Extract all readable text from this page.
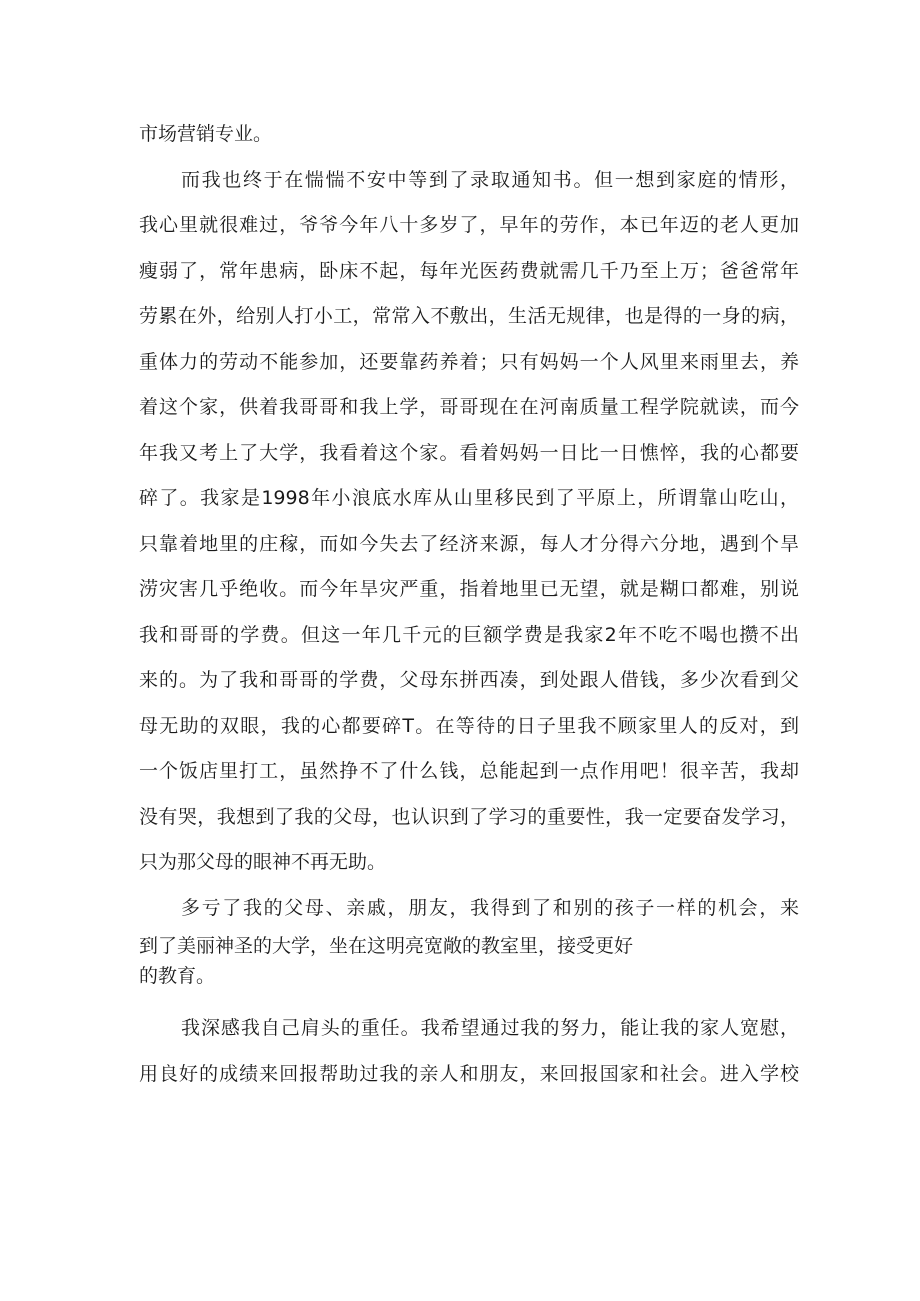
市场营销专业。
而我也终于在惴惴不安中等到了录取通知书。但一想到家庭的情形，
我心里就很难过，爷爷今年八十多岁了，早年的劳作，本已年迈的老人更加
瘦弱了，常年患病，卧床不起，每年光医药费就需几千乃至上万；爸爸常年
劳累在外，给别人打小工，常常入不敷出，生活无规律，也是得的一身的病，
重体力的劳动不能参加，还要靠药养着；只有妈妈一个人风里来雨里去，养
着这个家，供着我哥哥和我上学，哥哥现在在河南质量工程学院就读，而今
年我又考上了大学，我看着这个家。看着妈妈一日比一日憔悴，我的心都要
碎了。我家是1998年小浪底水库从山里移民到了平原上，所谓靠山吃山，
只靠着地里的庄稼，而如今失去了经济来源，每人才分得六分地，遇到个旱
涝灾害几乎绝收。而今年旱灾严重，指着地里已无望，就是糊口都难，别说
我和哥哥的学费。但这一年几千元的巨额学费是我家2年不吃不喝也攒不出
来的。为了我和哥哥的学费，父母东拼西凑，到处跟人借钱，多少次看到父
母无助的双眼，我的心都要碎T。在等待的日子里我不顾家里人的反对，到
一个饭店里打工，虽然挣不了什么钱，总能起到一点作用吧！很辛苦，我却
没有哭，我想到了我的父母，也认识到了学习的重要性，我一定要奋发学习，
只为那父母的眼神不再无助。
多亏了我的父母、亲戚，朋友，我得到了和别的孩子一样的机会，来
到了美丽神圣的大学，坐在这明亮宽敞的教室里，接受更好
的教育。
我深感我自己肩头的重任。我希望通过我的努力，能让我的家人宽慰，
用良好的成绩来回报帮助过我的亲人和朋友，来回报国家和社会。进入学校
